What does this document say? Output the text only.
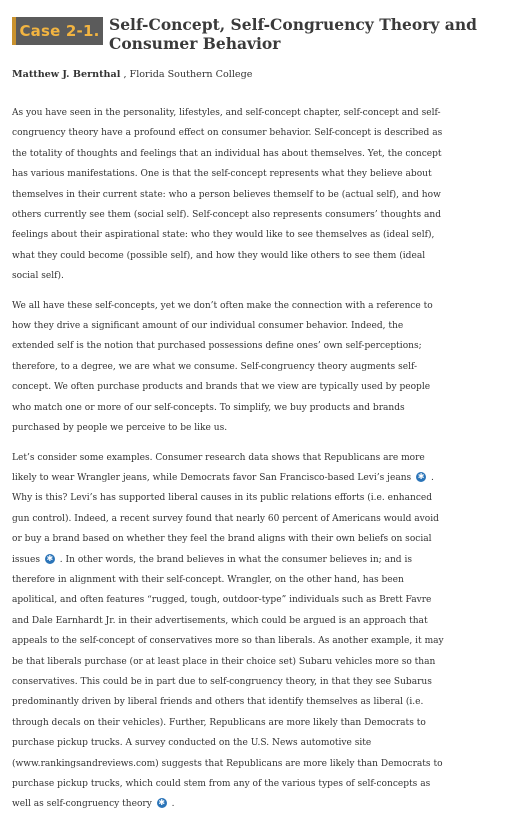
Case 2-1. Self-Concept, Self-Congruency Theory and Consumer Behavior
Matthew J. Bernthal , Florida Southern College

As you have seen in the personality, lifestyles, and self-concept chapter, self-concept and self-congruency theory have a profound effect on consumer behavior. Self-concept is described as the totality of thoughts and feelings that an individual has about themselves. Yet, the concept has various manifestations. One is that the self-concept represents what they believe about themselves in their current state: who a person believes themself to be (actual self), and how others currently see them (social self). Self-concept also represents consumers’ thoughts and feelings about their aspirational state: who they would like to see themselves as (ideal self), what they could become (possible self), and how they would like others to see them (ideal social self).

We all have these self-concepts, yet we don’t often make the connection with a reference to how they drive a significant amount of our individual consumer behavior. Indeed, the extended self is the notion that purchased possessions define ones’ own self-perceptions; therefore, to a degree, we are what we consume. Self-congruency theory augments self-concept. We often purchase products and brands that we view are typically used by people who match one or more of our self-concepts. To simplify, we buy products and brands purchased by people we perceive to be like us.

Let’s consider some examples. Consumer research data shows that Republicans are more likely to wear Wrangler jeans, while Democrats favor San Francisco-based Levi’s jeans ✱ . Why is this? Levi’s has supported liberal causes in its public relations efforts (i.e. enhanced gun control). Indeed, a recent survey found that nearly 60 percent of Americans would avoid or buy a brand based on whether they feel the brand aligns with their own beliefs on social issues ✱ . In other words, the brand believes in what the consumer believes in; and is therefore in alignment with their self-concept. Wrangler, on the other hand, has been apolitical, and often features “rugged, tough, outdoor-type” individuals such as Brett Favre and Dale Earnhardt Jr. in their advertisements, which could be argued is an approach that appeals to the self-concept of conservatives more so than liberals. As another example, it may be that liberals purchase (or at least place in their choice set) Subaru vehicles more so than conservatives. This could be in part due to self-congruency theory, in that they see Subarus predominantly driven by liberal friends and others that identify themselves as liberal (i.e. through decals on their vehicles). Further, Republicans are more likely than Democrats to purchase pickup trucks. A survey conducted on the U.S. News automotive site (www.rankingsandreviews.com) suggests that Republicans are more likely than Democrats to purchase pickup trucks, which could stem from any of the various types of self-concepts as well as self-congruency theory ✱ .
